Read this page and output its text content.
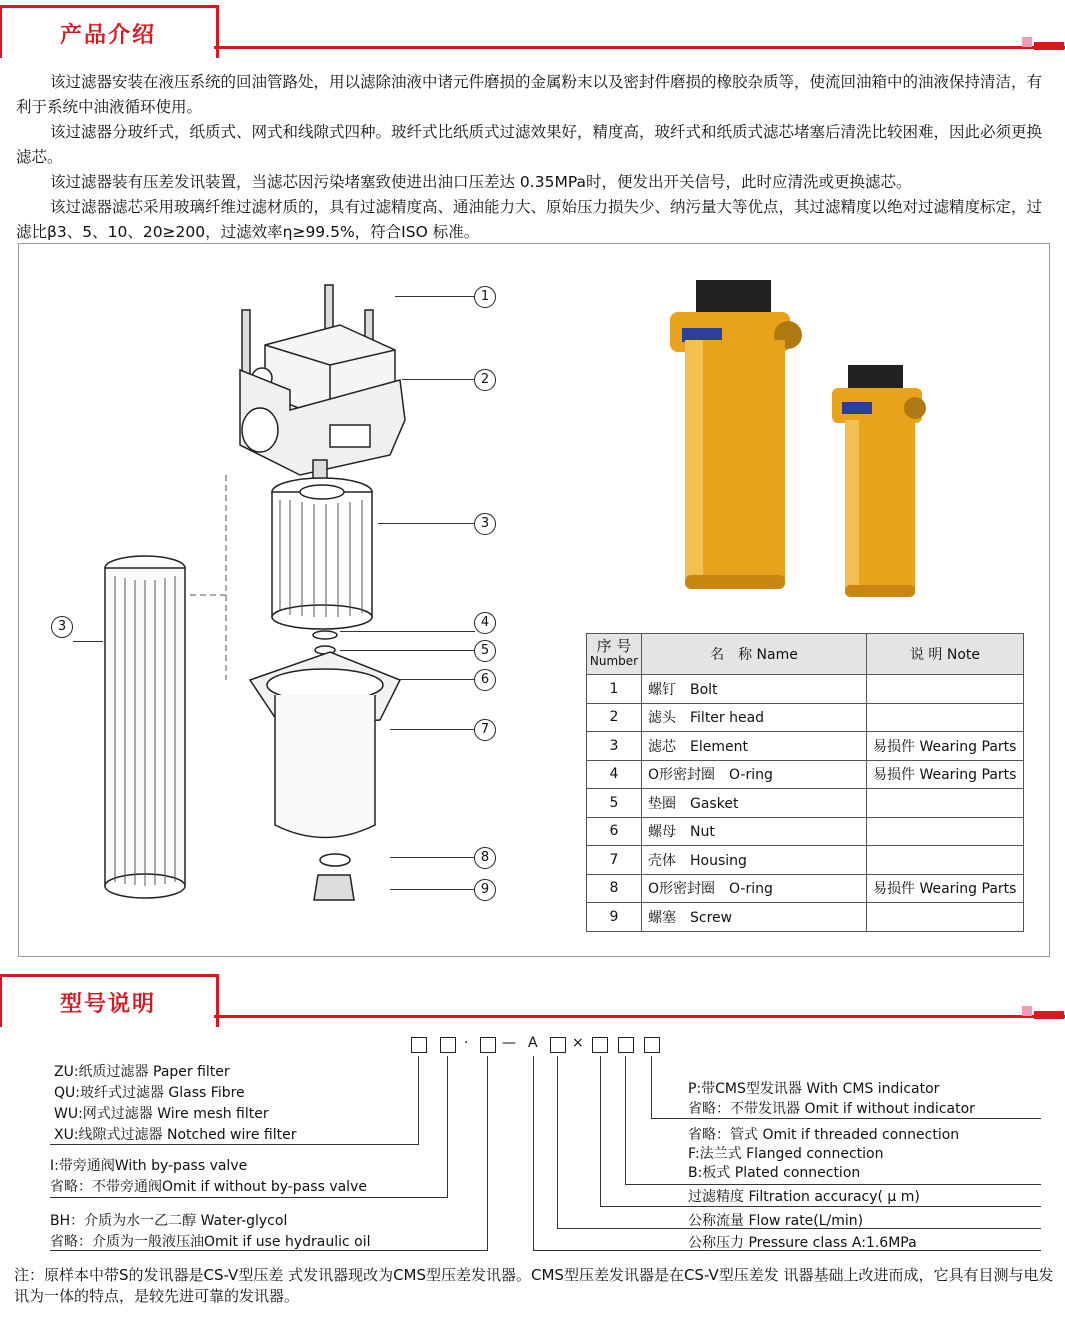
产品介绍

该过滤器安装在液压系统的回油管路处，用以滤除油液中诸元件磨损的金属粉末以及密封件磨损的橡胶杂质等，使流回油箱中的油液保持清洁，有利于系统中油液循环使用。

该过滤器分玻纤式，纸质式、网式和线隙式四种。玻纤式比纸质式过滤效果好，精度高，玻纤式和纸质式滤芯堵塞后清洗比较困难，因此必须更换滤芯。

该过滤器装有压差发讯装置，当滤芯因污染堵塞致使进出油口压差达 0.35MPa时，便发出开关信号，此时应清洗或更换滤芯。

该过滤器滤芯采用玻璃纤维过滤材质的，具有过滤精度高、通油能力大、原始压力损失少、纳污量大等优点，其过滤精度以绝对过滤精度标定，过滤比β3、5、10、20≥200，过滤效率η≥99.5%，符合ISO 标准。

1
2
3
4
5
6
7
8
9
3
序 号
Number	名　称 Name	说 明 Note
1	螺钉　Bolt	
2	滤头　Filter head	
3	滤芯　Element	易损件 Wearing Parts
4	O形密封圈　O-ring	易损件 Wearing Parts
5	垫圈　Gasket	
6	螺母　Nut	
7	壳体　Housing	
8	O形密封圈　O-ring	易损件 Wearing Parts
9	螺塞　Screw	
型号说明
· — A ×
ZU:纸质过滤器 Paper filter
QU:玻纤式过滤器 Glass Fibre
WU:网式过滤器 Wire mesh filter
XU:线隙式过滤器 Notched wire filter
I:带旁通阀With by-pass valve
省略：不带旁通阀Omit if without by-pass valve
BH：介质为水一乙二醇 Water-glycol
省略：介质为一般液压油Omit if use hydraulic oil
P:带CMS型发讯器 With CMS indicator
省略：不带发讯器 Omit if without indicator
省略：管式 Omit if threaded connection
F:法兰式 Flanged connection
B:板式 Plated connection
过滤精度 Filtration accuracy( μ m)
公称流量 Flow rate(L/min)
公称压力 Pressure class A:1.6MPa
注：原样本中带S的发讯器是CS-V型压差 式发讯器现改为CMS型压差发讯器。CMS型压差发讯器是在CS-V型压差发 讯器基础上改进而成，它具有目测与电发讯为一体的特点，是较先进可靠的发讯器。
